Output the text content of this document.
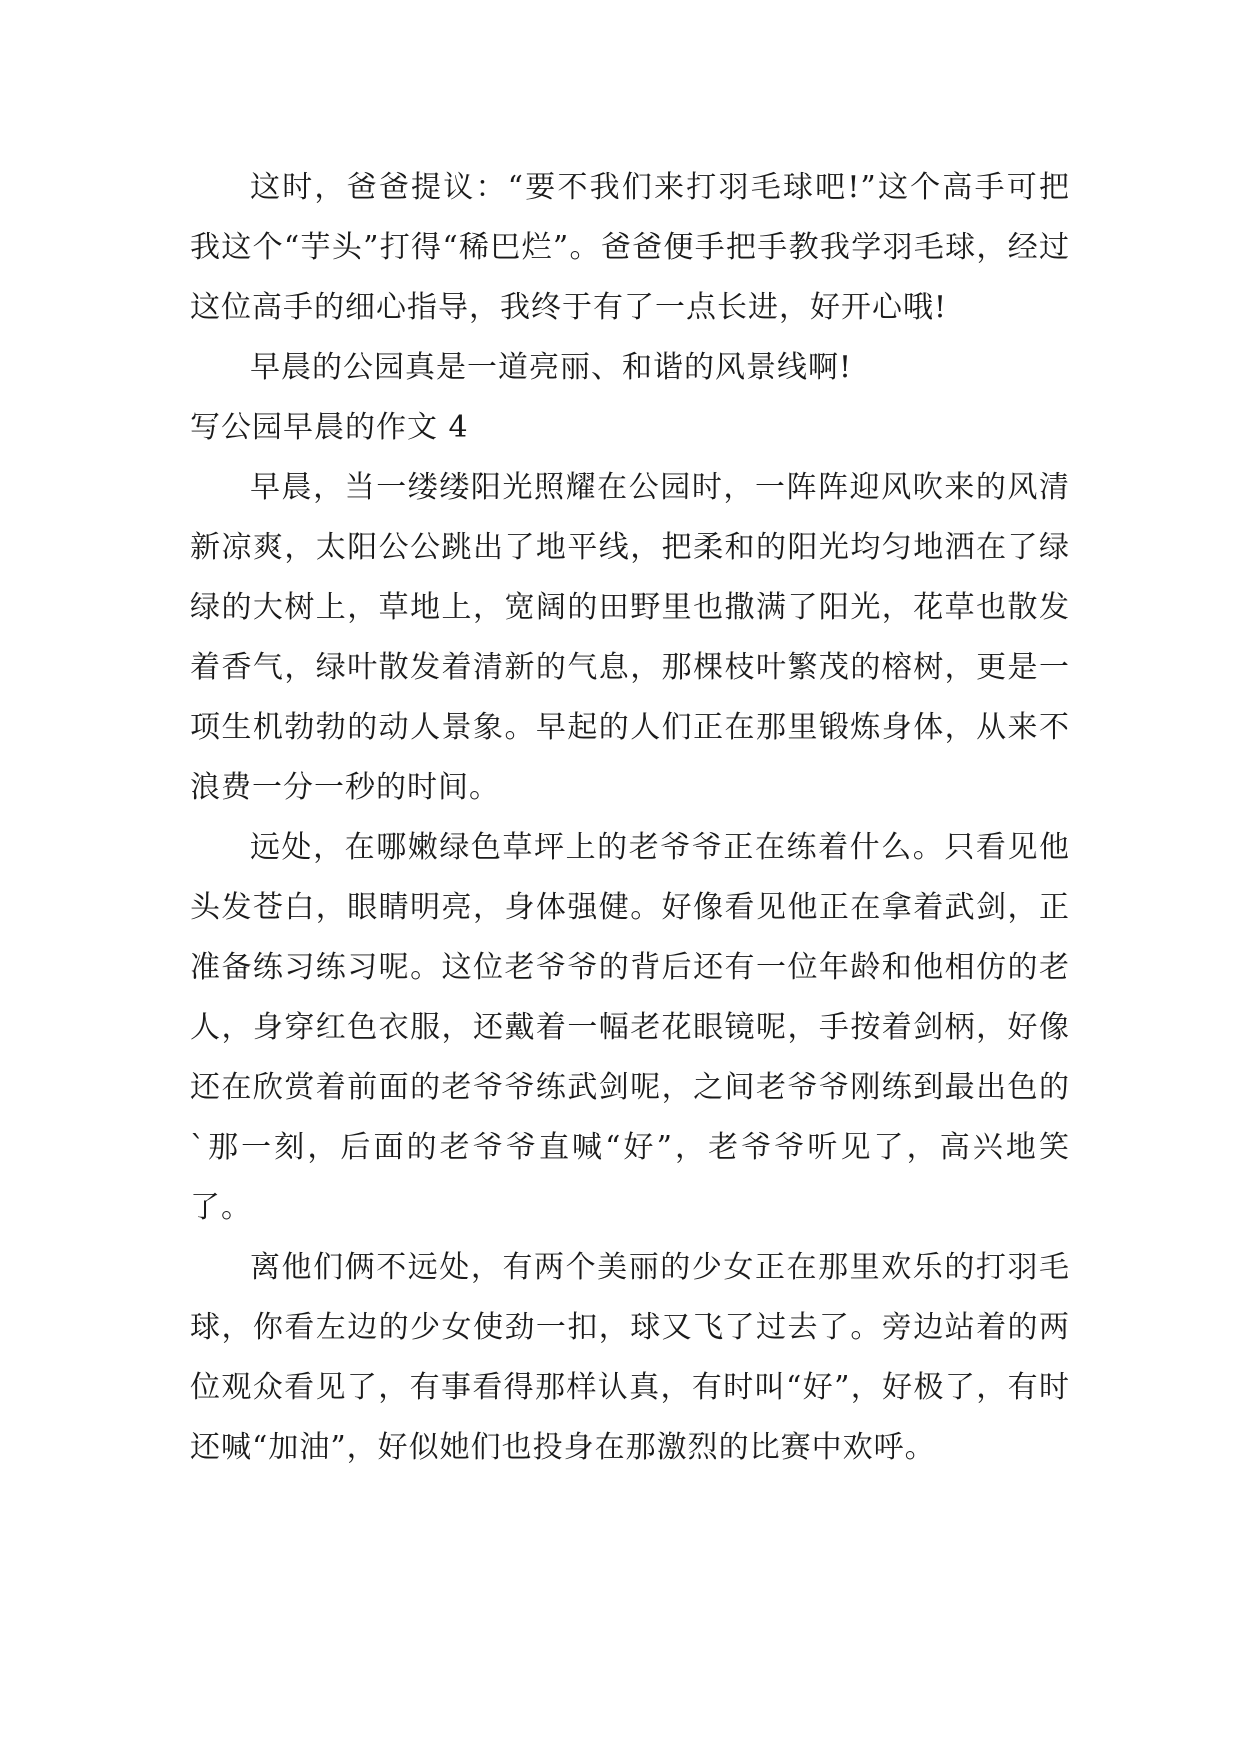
这时，爸爸提议：“要不我们来打羽毛球吧!”这个高手可把我这个“芋头”打得“稀巴烂”。爸爸便手把手教我学羽毛球，经过这位高手的细心指导，我终于有了一点长进，好开心哦!

早晨的公园真是一道亮丽、和谐的风景线啊!

写公园早晨的作文 4

早晨，当一缕缕阳光照耀在公园时，一阵阵迎风吹来的风清新凉爽，太阳公公跳出了地平线，把柔和的阳光均匀地洒在了绿绿的大树上，草地上，宽阔的田野里也撒满了阳光，花草也散发着香气，绿叶散发着清新的气息，那棵枝叶繁茂的榕树，更是一项生机勃勃的动人景象。早起的人们正在那里锻炼身体，从来不浪费一分一秒的时间。

远处，在哪嫩绿色草坪上的老爷爷正在练着什么。只看见他头发苍白，眼睛明亮，身体强健。好像看见他正在拿着武剑，正准备练习练习呢。这位老爷爷的背后还有一位年龄和他相仿的老人，身穿红色衣服，还戴着一幅老花眼镜呢，手按着剑柄，好像还在欣赏着前面的老爷爷练武剑呢，之间老爷爷刚练到最出色的`那一刻，后面的老爷爷直喊“好”，老爷爷听见了，高兴地笑了。

离他们俩不远处，有两个美丽的少女正在那里欢乐的打羽毛球，你看左边的少女使劲一扣，球又飞了过去了。旁边站着的两位观众看见了，有事看得那样认真，有时叫“好”，好极了，有时还喊“加油”，好似她们也投身在那激烈的比赛中欢呼。
